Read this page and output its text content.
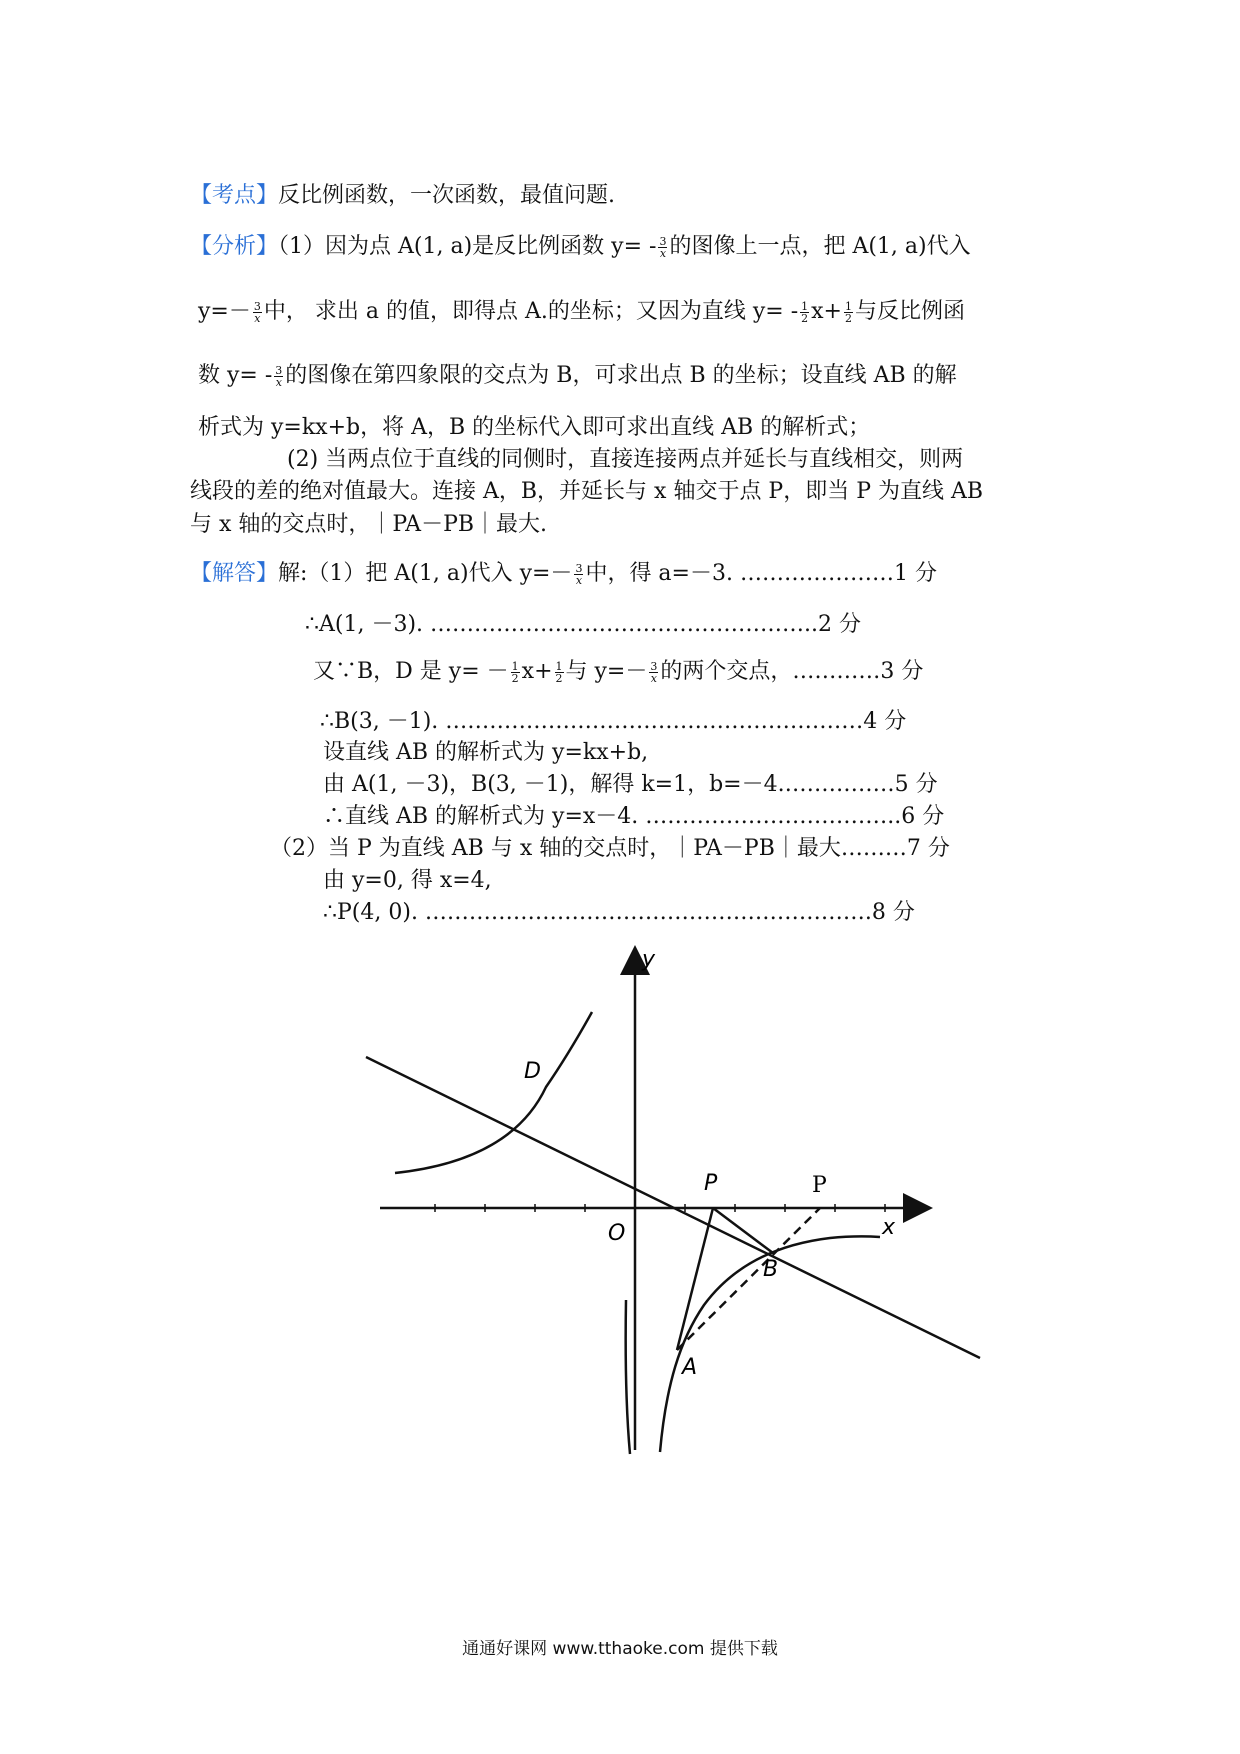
【考点】反比例函数，一次函数，最值问题.
【分析】（1）因为点 A(1, a)是反比例函数 $y= - \frac{3}{x}$ 的图像上一点，把 A(1, a)代入
$y=- \frac{3}{x}$ 中， 求出 a 的值，即得点 A.的坐标；又因为直线 $y= - \frac{1}{2} x+ \frac{1}{2}$ 与反比例函
数 $y= - \frac{3}{x}$ 的图像在第四象限的交点为 B，可求出点 B 的坐标；设直线 AB 的解
析式为 y=kx+b，将 A，B 的坐标代入即可求出直线 AB 的解析式；
(2) 当两点位于直线的同侧时，直接连接两点并延长与直线相交，则两
线段的差的绝对值最大。连接 A，B，并延长与 x 轴交于点 P，即当 P 为直线 AB
与 x 轴的交点时，｜PA－PB｜最大.
【解答】解:（1）把 A(1, a)代入 $y=- \frac{3}{x}$ 中，得 a=－3. …………………1 分
∴A(1, －3). ……………………………………………..2 分
又∵B，D 是 $y= - \frac{1}{2} x+ \frac{1}{2}$ 与 $y=- \frac{3}{x}$ 的两个交点，…………3 分
∴B(3, －1). …………………………………………………4 分
设直线 AB 的解析式为 y=kx+b,
由 A(1, －3)，B(3, －1)，解得 k=1，b=－4.……………5 分
∴直线 AB 的解析式为 y=x－4. ……………………………..6 分
（2）当 P 为直线 AB 与 x 轴的交点时，｜PA－PB｜最大………7 分
由 y=0, 得 x=4,
∴P(4, 0). …………………………………………………….8 分
y
x
O
D
P	P
B
A
通通好课网 www.tthaoke.com 提供下载
